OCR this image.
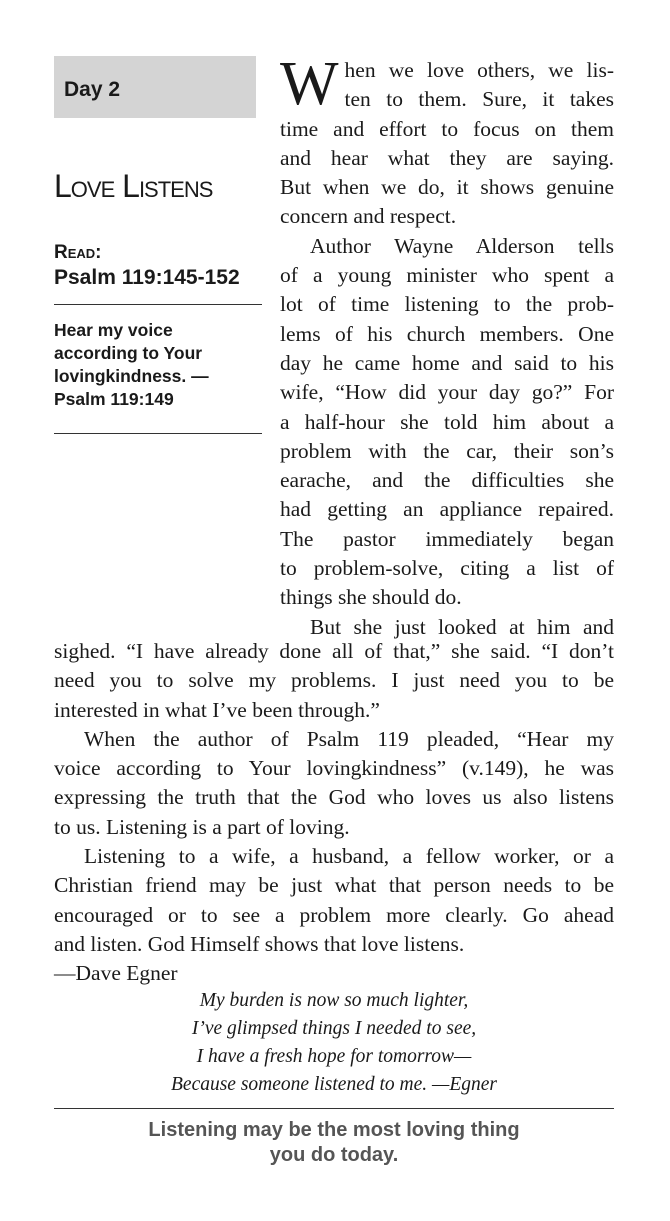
Day 2
Love Listens
Read:
Psalm 119:145-152
Hear my voice
according to Your
lovingkindness. —
Psalm 119:149
W hen we love others, we lis-
ten to them. Sure, it takes
time and effort to focus on them
and hear what they are saying.
But when we do, it shows genuine
concern and respect.
Author Wayne Alderson tells
of a young minister who spent a
lot of time listening to the prob-
lems of his church members. One
day he came home and said to his
wife, “How did your day go?” For
a half-hour she told him about a
problem with the car, their son’s
earache, and the difficulties she
had getting an appliance repaired.
The pastor immediately began
to problem-solve, citing a list of
things she should do.
But she just looked at him and
sighed. “I have already done all of that,” she said. “I don’t
need you to solve my problems. I just need you to be
interested in what I’ve been through.”
When the author of Psalm 119 pleaded, “Hear my
voice according to Your lovingkindness” (v.149), he was
expressing the truth that the God who loves us also listens
to us. Listening is a part of loving.
Listening to a wife, a husband, a fellow worker, or a
Christian friend may be just what that person needs to be
encouraged or to see a problem more clearly. Go ahead
and listen. God Himself shows that love listens.
—Dave Egner
My burden is now so much lighter,
I’ve glimpsed things I needed to see,
I have a fresh hope for tomorrow—
Because someone listened to me. —Egner
Listening may be the most loving thing
you do today.
